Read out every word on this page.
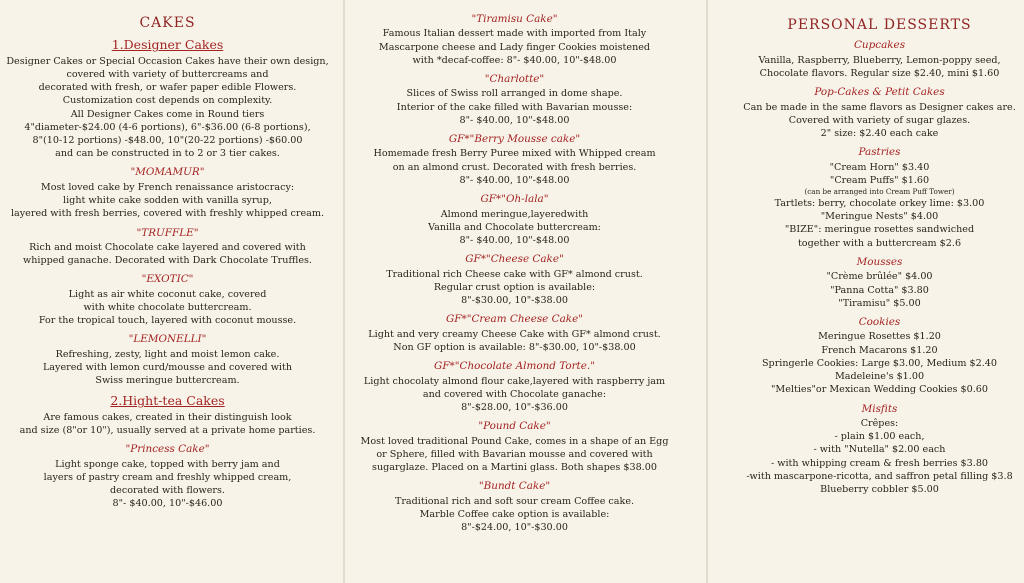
CAKES
1.Designer Cakes

Designer Cakes or Special Occasion Cakes have their own design,

covered with variety of buttercreams and

decorated with fresh, or wafer paper edible Flowers.

Customization cost depends on complexity.

All Designer Cakes come in Round tiers

4"diameter-$24.00 (4-6 portions), 6"-$36.00 (6-8 portions),

8"(10-12 portions) -$48.00, 10"(20-22 portions) -$60.00

and can be constructed in to 2 or 3 tier cakes.

"MOMAMUR"

Most loved cake by French renaissance aristocracy:

light white cake sodden with vanilla syrup,

layered with fresh berries, covered with freshly whipped cream.

"TRUFFLE"

Rich and moist Chocolate cake layered and covered with

whipped ganache. Decorated with Dark Chocolate Truffles.

"EXOTIC"

Light as air white coconut cake, covered

with white chocolate buttercream.

For the tropical touch, layered with coconut mousse.

"LEMONELLI"

Refreshing, zesty, light and moist lemon cake.

Layered with lemon curd/mousse and covered with

Swiss meringue buttercream.

2.Hight-tea Cakes

Are famous cakes, created in their distinguish look

and size (8"or 10"), usually served at a private home parties.

"Princess Cake"

Light sponge cake, topped with berry jam and

layers of pastry cream and freshly whipped cream,

decorated with flowers.

8"- $40.00, 10"-$46.00

"Tiramisu Cake"

Famous Italian dessert made with imported from Italy

Mascarpone cheese and Lady finger Cookies moistened

with *decaf-coffee: 8"- $40.00, 10"-$48.00

"Charlotte"

Slices of Swiss roll arranged in dome shape.

Interior of the cake filled with Bavarian mousse:

8"- $40.00, 10"-$48.00

GF*"Berry Mousse cake"

Homemade fresh Berry Puree mixed with Whipped cream

on an almond crust. Decorated with fresh berries.

8"- $40.00, 10"-$48.00

GF*"Oh-lala"

Almond meringue,layeredwith

Vanilla and Chocolate buttercream:

8"- $40.00, 10"-$48.00

GF*"Cheese Cake"

Traditional rich Cheese cake with GF* almond crust.

Regular crust option is available:

8"-$30.00, 10"-$38.00

GF*"Cream Cheese Cake"

Light and very creamy Cheese Cake with GF* almond crust.

Non GF option is available: 8"-$30.00, 10"-$38.00

GF*"Chocolate Almond Torte."

Light chocolaty almond flour cake,layered with raspberry jam

and covered with Chocolate ganache:

8"-$28.00, 10"-$36.00

"Pound Cake"

Most loved traditional Pound Cake, comes in a shape of an Egg

or Sphere, filled with Bavarian mousse and covered with

sugarglaze. Placed on a Martini glass. Both shapes $38.00

"Bundt Cake"

Traditional rich and soft sour cream Coffee cake.

Marble Coffee cake option is available:

8"-$24.00, 10"-$30.00

PERSONAL DESSERTS
Cupcakes

Vanilla, Raspberry, Blueberry, Lemon-poppy seed,

Chocolate flavors. Regular size $2.40, mini $1.60

Pop-Cakes & Petit Cakes

Can be made in the same flavors as Designer cakes are.

Covered with variety of sugar glazes.

2" size: $2.40 each cake

Pastries

"Cream Horn" $3.40

"Cream Puffs" $1.60

(can be arranged into Cream Puff Tower)

Tartlets: berry, chocolate orkey lime: $3.00

"Meringue Nests" $4.00

"BIZE": meringue rosettes sandwiched

together with a buttercream $2.6

Mousses

"Crème brûlée" $4.00

"Panna Cotta" $3.80

"Tiramisu" $5.00

Cookies

Meringue Rosettes $1.20

French Macarons $1.20

Springerle Cookies: Large $3.00, Medium $2.40

Madeleine's $1.00

"Melties"or Mexican Wedding Cookies $0.60

Misfits

Crêpes:

- plain $1.00 each,

- with "Nutella" $2.00 each

- with whipping cream & fresh berries $3.80

-with mascarpone-ricotta, and saffron petal filling $3.8

Blueberry cobbler $5.00
